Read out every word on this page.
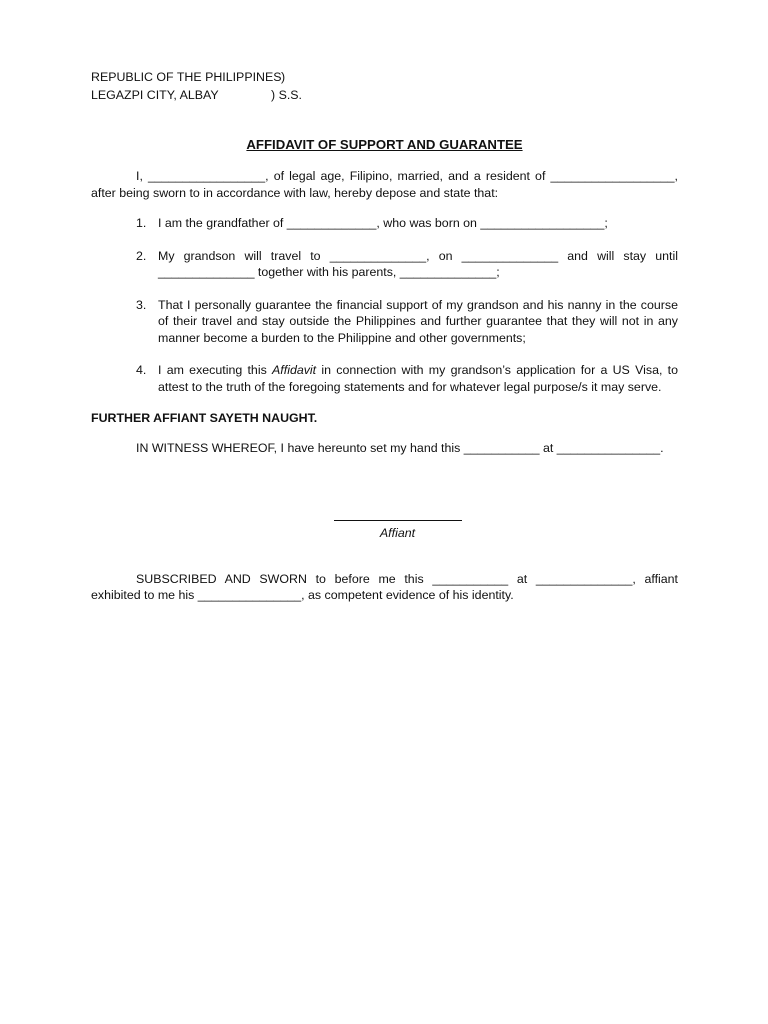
REPUBLIC OF THE PHILIPPINES )
LEGAZPI CITY, ALBAY	) S.S.
AFFIDAVIT OF SUPPORT AND GUARANTEE

I, _________________, of legal age, Filipino, married, and a resident of __________________, after being sworn to in accordance with law, hereby depose and state that:

1. I am the grandfather of _____________, who was born on __________________;
2. My grandson will travel to ______________, on ______________ and will stay until ______________ together with his parents, ______________;
3. That I personally guarantee the financial support of my grandson and his nanny in the course of their travel and stay outside the Philippines and further guarantee that they will not in any manner become a burden to the Philippine and other governments;
4. I am executing this Affidavit in connection with my grandson’s application for a US Visa, to attest to the truth of the foregoing statements and for whatever legal purpose/s it may serve.
FURTHER AFFIANT SAYETH NAUGHT.

IN WITNESS WHEREOF, I have hereunto set my hand this ___________ at _______________.

Affiant

SUBSCRIBED AND SWORN to before me this ___________ at ______________, affiant exhibited to me his _______________, as competent evidence of his identity.
